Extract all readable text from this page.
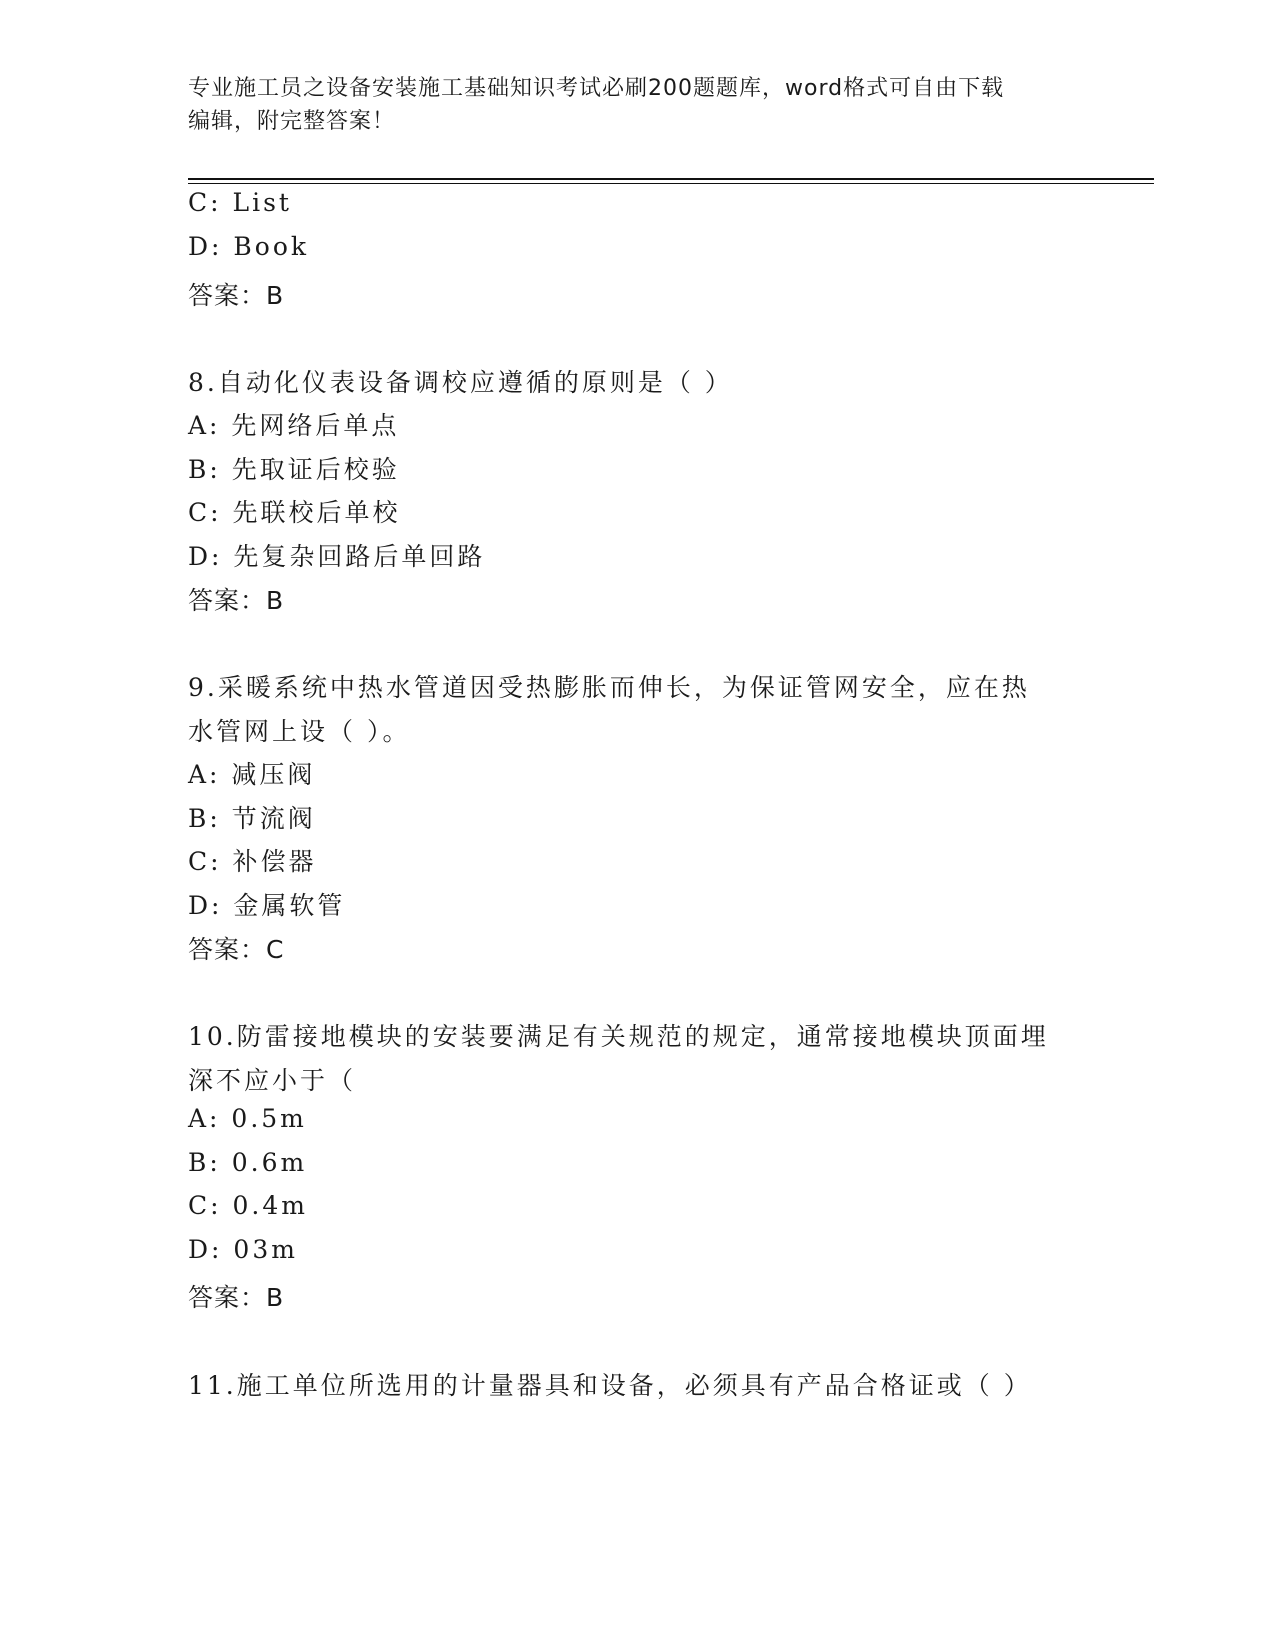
专业施工员之设备安装施工基础知识考试必刷200题题库，word格式可自由下载
编辑，附完整答案！
C: List
D: Book
答案：B
8.自动化仪表设备调校应遵循的原则是（ ）
A: 先网络后单点
B: 先取证后校验
C: 先联校后单校
D: 先复杂回路后单回路
答案：B
9.采暖系统中热水管道因受热膨胀而伸长，为保证管网安全，应在热
水管网上设（ ）。
A: 减压阀
B: 节流阀
C: 补偿器
D: 金属软管
答案：C
10.防雷接地模块的安装要满足有关规范的规定，通常接地模块顶面埋
深不应小于（
A: 0.5m
B: 0.6m
C: 0.4m
D: 03m
答案：B
11.施工单位所选用的计量器具和设备，必须具有产品合格证或（ ）
